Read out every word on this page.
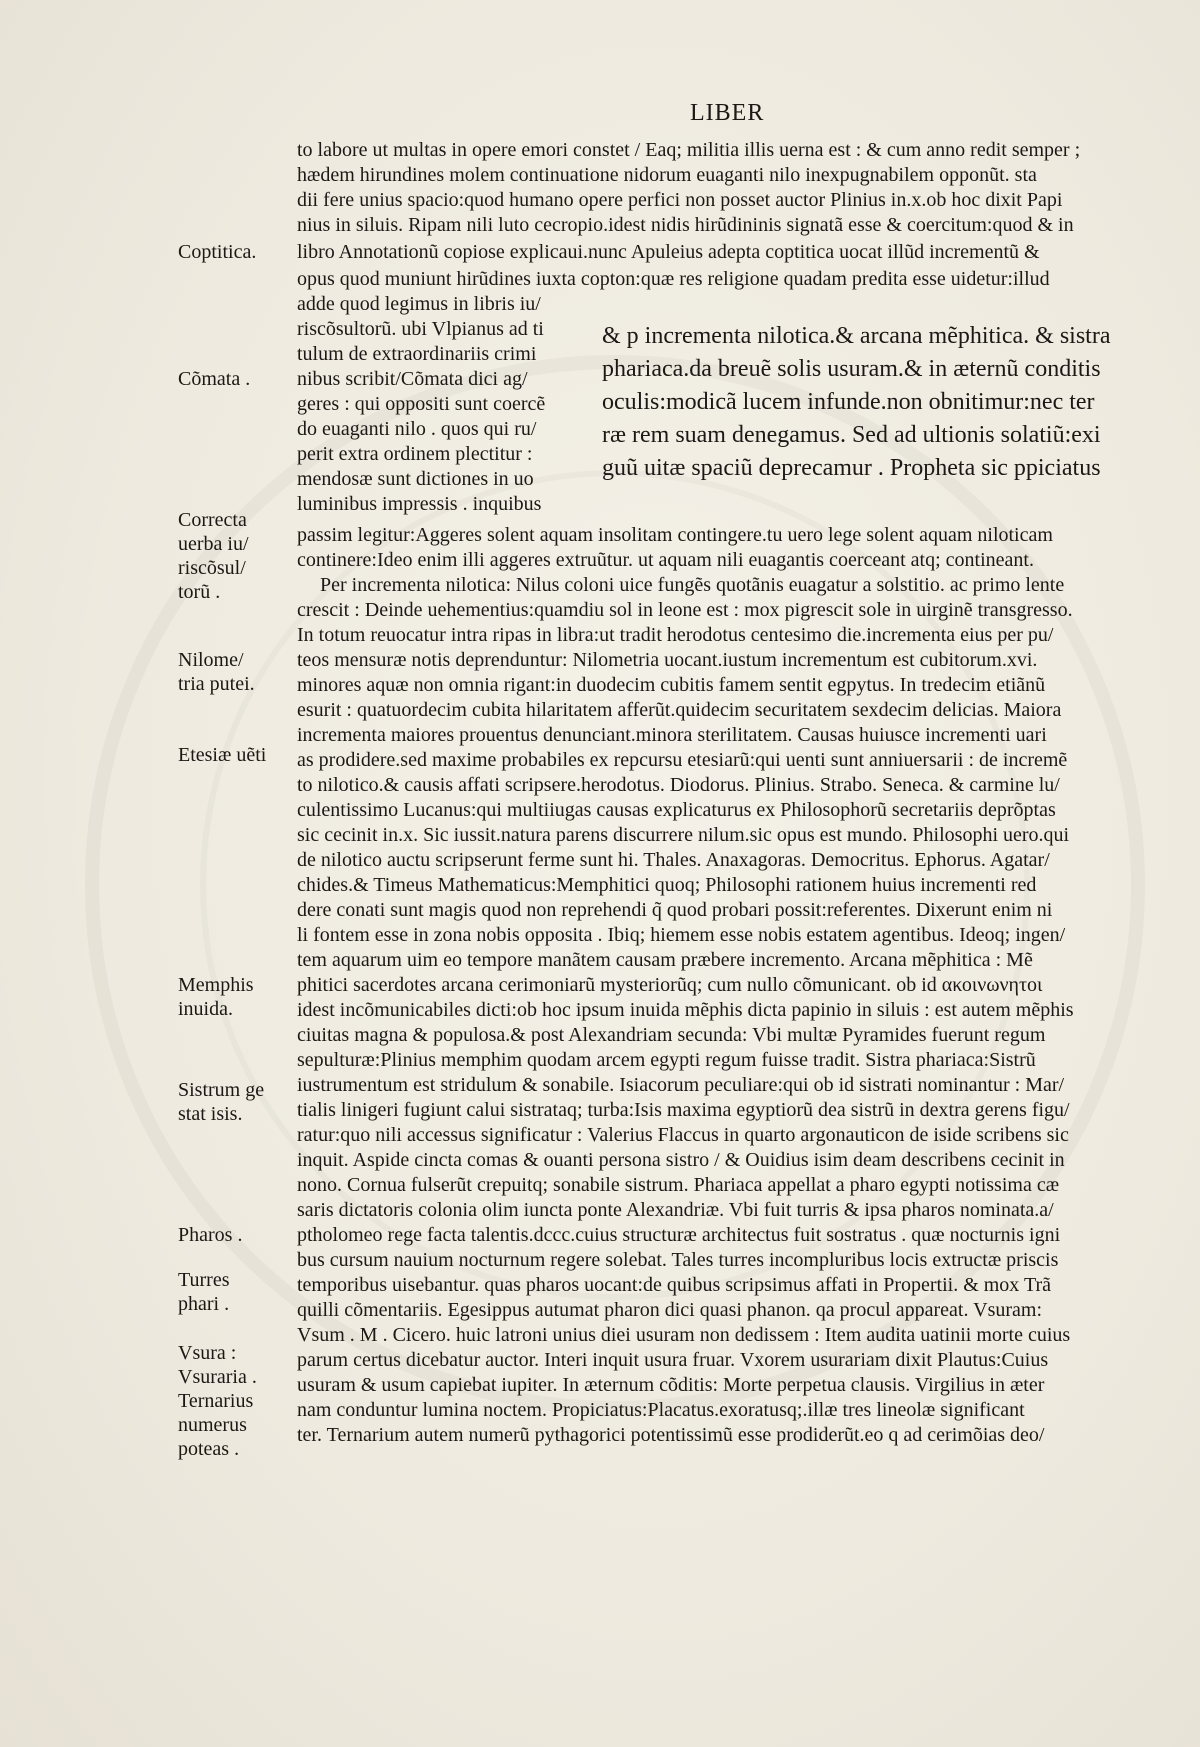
LIBER
to labore ut multas in opere emori constet / Eaq; militia illis uerna est : & cum anno redit semper ;
hædem hirundines molem continuatione nidorum euaganti nilo inexpugnabilem opponũt. sta
dii fere unius spacio:quod humano opere perfici non posset auctor Plinius in.x.ob hoc dixit Papi
nius in siluis. Ripam nili luto cecropio.idest nidis hirũdininis signatã esse & coercitum:quod & in
libro Annotationũ copiose explicaui.nunc Apuleius adepta coptitica uocat illũd incrementũ &
opus quod muniunt hirũdines iuxta copton:quæ res religione quadam predita esse uidetur:illud
adde quod legimus in libris iu/
riscõsultorũ. ubi Vlpianus ad ti
tulum de extraordinariis crimi
nibus scribit/Cõmata dici ag/
geres : qui oppositi sunt coercẽ
do euaganti nilo . quos qui ru/
perit extra ordinem plectitur :
mendosæ sunt dictiones in uo
luminibus impressis . inquibus
& p incrementa nilotica.& arcana mẽphitica. & sistra
phariaca.da breuẽ solis usuram.& in æternũ conditis
oculis:modicã lucem infunde.non obnitimur:nec ter
ræ rem suam denegamus. Sed ad ultionis solatiũ:exi
guũ uitæ spaciũ deprecamur . Propheta sic ppiciatus
passim legitur:Aggeres solent aquam insolitam contingere.tu uero lege solent aquam niloticam
continere:Ideo enim illi aggeres extruũtur. ut aquam nili euagantis coerceant atq; contineant.
Per incrementa nilotica: Nilus coloni uice fungẽs quotãnis euagatur a solstitio. ac primo lente
crescit : Deinde uehementius:quamdiu sol in leone est : mox pigrescit sole in uirginẽ transgresso.
In totum reuocatur intra ripas in libra:ut tradit herodotus centesimo die.incrementa eius per pu/
teos mensuræ notis deprenduntur: Nilometria uocant.iustum incrementum est cubitorum.xvi.
minores aquæ non omnia rigant:in duodecim cubitis famem sentit egpytus. In tredecim etiãnũ
esurit : quatuordecim cubita hilaritatem afferũt.quidecim securitatem sexdecim delicias. Maiora
incrementa maiores prouentus denunciant.minora sterilitatem. Causas huiusce incrementi uari
as prodidere.sed maxime probabiles ex repcursu etesiarũ:qui uenti sunt anniuersarii : de incremẽ
to nilotico.& causis affati scripsere.herodotus. Diodorus. Plinius. Strabo. Seneca. & carmine lu/
culentissimo Lucanus:qui multiiugas causas explicaturus ex Philosophorũ secretariis deprõptas
sic cecinit in.x. Sic iussit.natura parens discurrere nilum.sic opus est mundo. Philosophi uero.qui
de nilotico auctu scripserunt ferme sunt hi. Thales. Anaxagoras. Democritus. Ephorus. Agatar/
chides.& Timeus Mathematicus:Memphitici quoq; Philosophi rationem huius incrementi red
dere conati sunt magis quod non reprehendi q̃ quod probari possit:referentes. Dixerunt enim ni
li fontem esse in zona nobis opposita . Ibiq; hiemem esse nobis estatem agentibus. Ideoq; ingen/
tem aquarum uim eo tempore manãtem causam præbere incremento. Arcana mẽphitica : Mẽ
phitici sacerdotes arcana cerimoniarũ mysteriorũq; cum nullo cõmunicant. ob id ακοινωνητοι
idest incõmunicabiles dicti:ob hoc ipsum inuida mẽphis dicta papinio in siluis : est autem mẽphis
ciuitas magna & populosa.& post Alexandriam secunda: Vbi multæ Pyramides fuerunt regum
sepulturæ:Plinius memphim quodam arcem egypti regum fuisse tradit. Sistra phariaca:Sistrũ
iustrumentum est stridulum & sonabile. Isiacorum peculiare:qui ob id sistrati nominantur : Mar/
tialis linigeri fugiunt calui sistrataq; turba:Isis maxima egyptiorũ dea sistrũ in dextra gerens figu/
ratur:quo nili accessus significatur : Valerius Flaccus in quarto argonauticon de iside scribens sic
inquit. Aspide cincta comas & ouanti persona sistro / & Ouidius isim deam describens cecinit in
nono. Cornua fulserũt crepuitq; sonabile sistrum. Phariaca appellat a pharo egypti notissima cæ
saris dictatoris colonia olim iuncta ponte Alexandriæ. Vbi fuit turris & ipsa pharos nominata.a/
ptholomeo rege facta talentis.dccc.cuius structuræ architectus fuit sostratus . quæ nocturnis igni
bus cursum nauium nocturnum regere solebat. Tales turres incompluribus locis extructæ priscis
temporibus uisebantur. quas pharos uocant:de quibus scripsimus affati in Propertii. & mox Trã
quilli cõmentariis. Egesippus autumat pharon dici quasi phanon. qa procul appareat. Vsuram:
Vsum . M . Cicero. huic latroni unius diei usuram non dedissem : Item audita uatinii morte cuius
parum certus dicebatur auctor. Interi inquit usura fruar. Vxorem usurariam dixit Plautus:Cuius
usuram & usum capiebat iupiter. In æternum cõditis: Morte perpetua clausis. Virgilius in æter
nam conduntur lumina noctem. Propiciatus:Placatus.exoratusq;.illæ tres lineolæ significant
ter. Ternarium autem numerũ pythagorici potentissimũ esse prodiderũt.eo q ad cerimõias deo/
Coptitica.
Cõmata .
Correcta
uerba iu/
riscõsul/
torũ .
Nilome/
tria putei.
Etesiæ uẽti
Memphis
inuida.
Sistrum ge
stat isis.
Pharos .
Turres
phari .
Vsura :
Vsuraria .
Ternarius
numerus
poteas .
